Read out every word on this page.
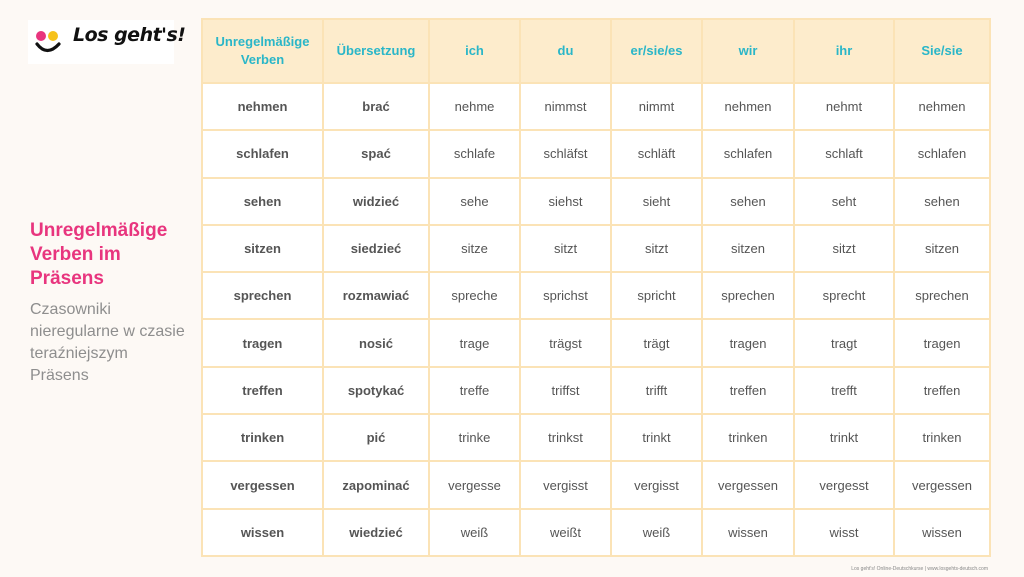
Los geht's!
Unregelmäßige Verben im Präsens
Czasowniki nieregularne w czasie teraźniejszym Präsens
Unregelmäßige Verben	Übersetzung	ich	du	er/sie/es	wir	ihr	Sie/sie
nehmen	brać	nehme	nimmst	nimmt	nehmen	nehmt	nehmen
schlafen	spać	schlafe	schläfst	schläft	schlafen	schlaft	schlafen
sehen	widzieć	sehe	siehst	sieht	sehen	seht	sehen
sitzen	siedzieć	sitze	sitzt	sitzt	sitzen	sitzt	sitzen
sprechen	rozmawiać	spreche	sprichst	spricht	sprechen	sprecht	sprechen
tragen	nosić	trage	trägst	trägt	tragen	tragt	tragen
treffen	spotykać	treffe	triffst	trifft	treffen	trefft	treffen
trinken	pić	trinke	trinkst	trinkt	trinken	trinkt	trinken
vergessen	zapominać	vergesse	vergisst	vergisst	vergessen	vergesst	vergessen
wissen	wiedzieć	weiß	weißt	weiß	wissen	wisst	wissen
Los geht's! Online-Deutschkurse | www.losgehts-deutsch.com
